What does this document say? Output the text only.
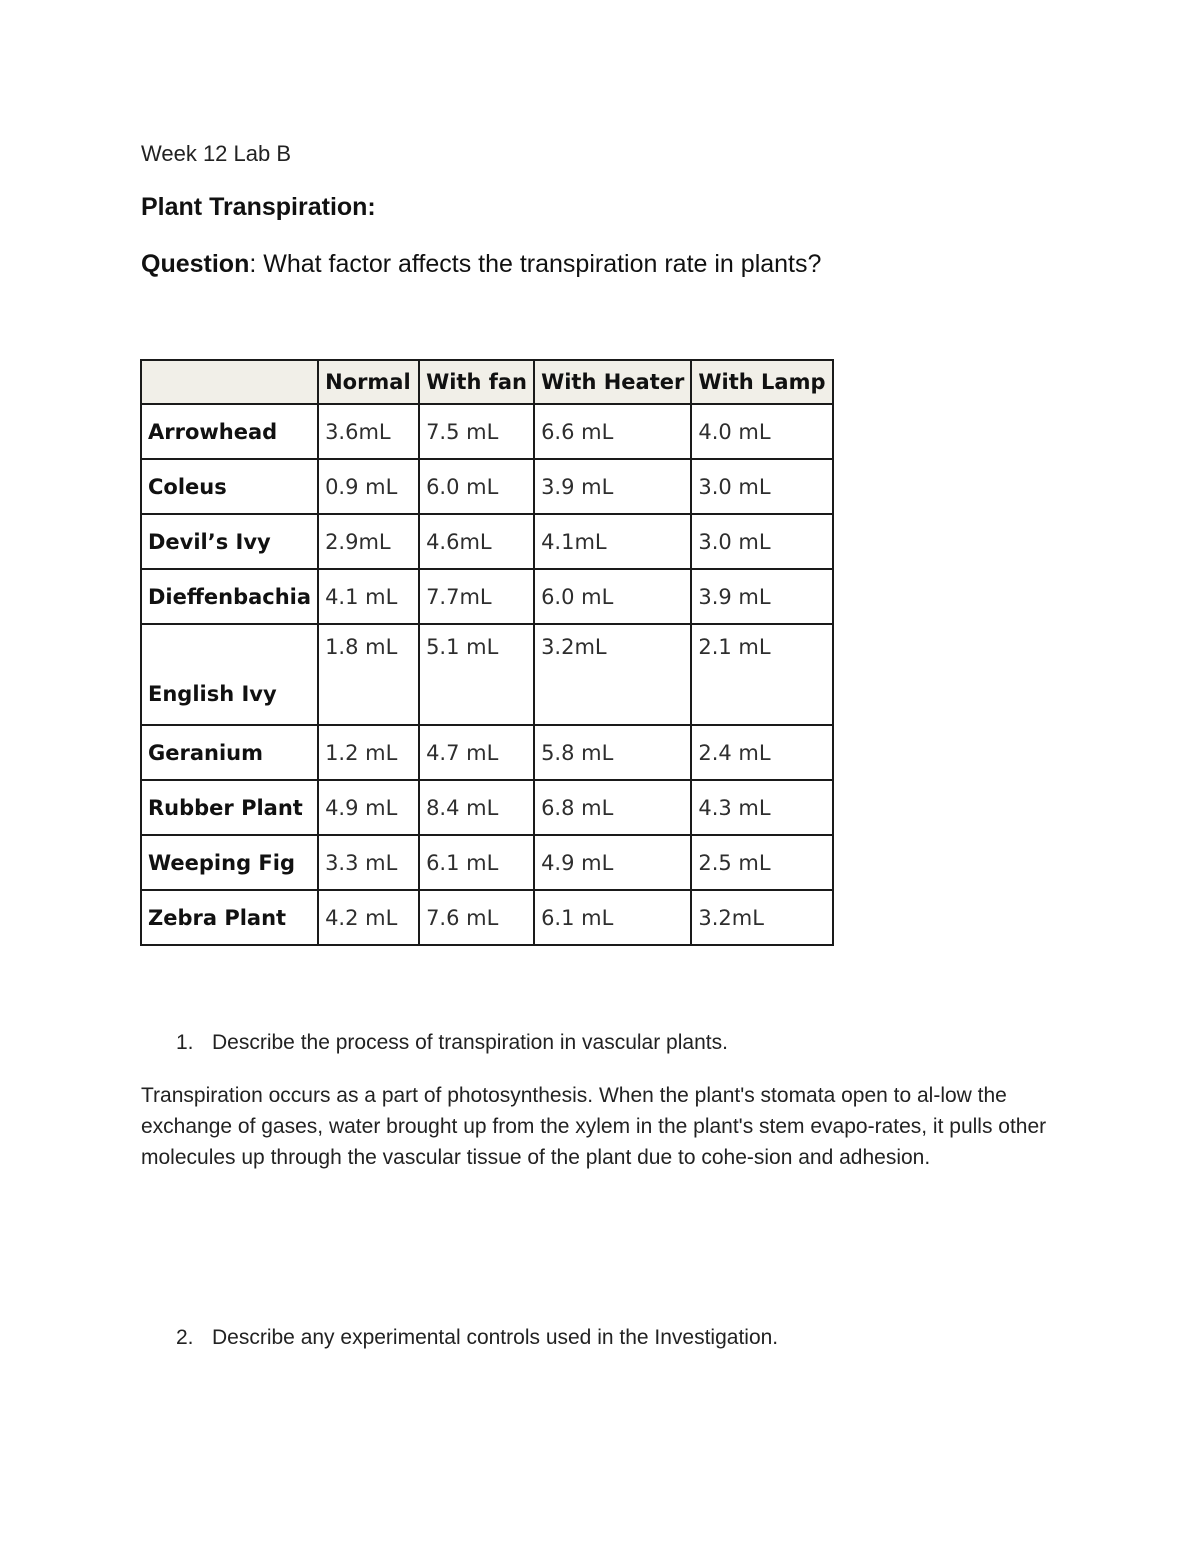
Week 12 Lab B
Plant Transpiration:
Question: What factor affects the transpiration rate in plants?
	Normal	With fan	With Heater	With Lamp
Arrowhead	3.6mL	7.5 mL	6.6 mL	4.0 mL
Coleus	0.9 mL	6.0 mL	3.9 mL	3.0 mL
Devil’s Ivy	2.9mL	4.6mL	4.1mL	3.0 mL
Dieffenbachia	4.1 mL	7.7mL	6.0 mL	3.9 mL
English Ivy	1.8 mL	5.1 mL	3.2mL	2.1 mL
Geranium	1.2 mL	4.7 mL	5.8 mL	2.4 mL
Rubber Plant	4.9 mL	8.4 mL	6.8 mL	4.3 mL
Weeping Fig	3.3 mL	6.1 mL	4.9 mL	2.5 mL
Zebra Plant	4.2 mL	7.6 mL	6.1 mL	3.2mL
1. Describe the process of transpiration in vascular plants.
Transpiration occurs as a part of photosynthesis. When the plant's stomata open to al-low the exchange of gases, water brought up from the xylem in the plant's stem evapo-rates, it pulls other molecules up through the vascular tissue of the plant due to cohe-sion and adhesion.
2. Describe any experimental controls used in the Investigation.
